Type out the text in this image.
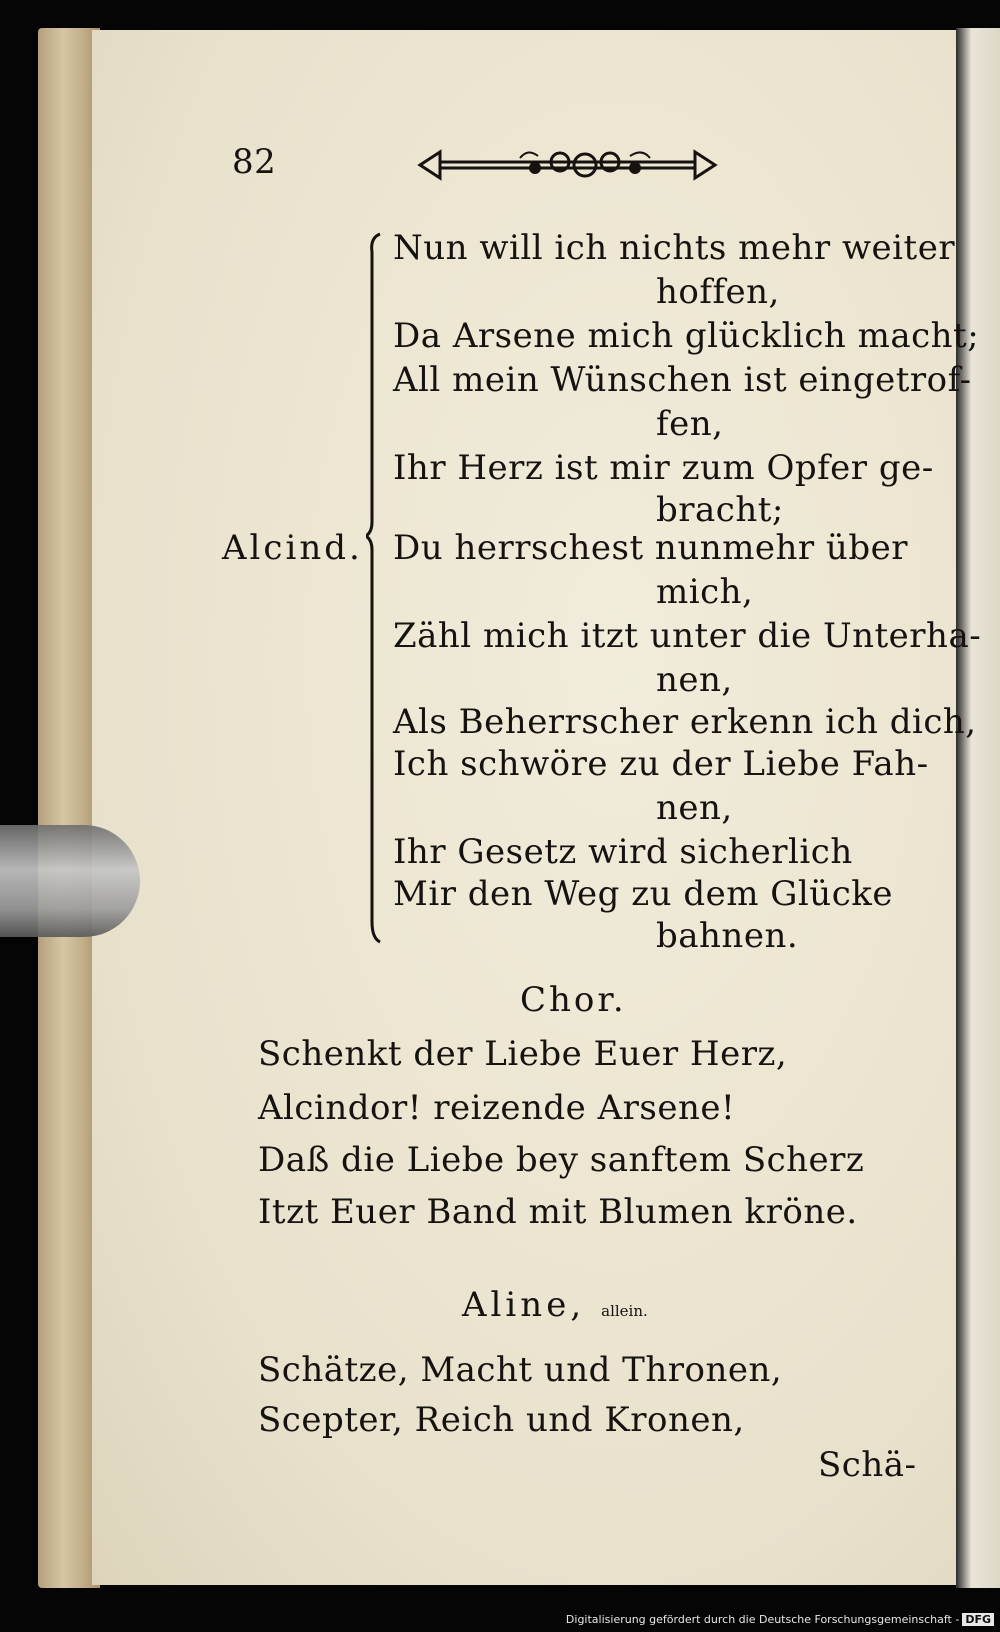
82
Alcind.
Nun will ich nichts mehr weiter
hoffen,
Da Arsene mich glücklich macht;
All mein Wünschen ist eingetrof-
fen,
Ihr Herz ist mir zum Opfer ge-
bracht;
Du herrschest nunmehr über
mich,
Zähl mich itzt unter die Unterha-
nen,
Als Beherrscher erkenn ich dich,
Ich schwöre zu der Liebe Fah-
nen,
Ihr Gesetz wird sicherlich
Mir den Weg zu dem Glücke
bahnen.
Chor.
Schenkt der Liebe Euer Herz,
Alcindor! reizende Arsene!
Daß die Liebe bey sanftem Scherz
Itzt Euer Band mit Blumen kröne.
Aline, allein.
Schätze, Macht und Thronen,
Scepter, Reich und Kronen,
Schä-
Digitalisierung gefördert durch die Deutsche Forschungsgemeinschaft - DFG
